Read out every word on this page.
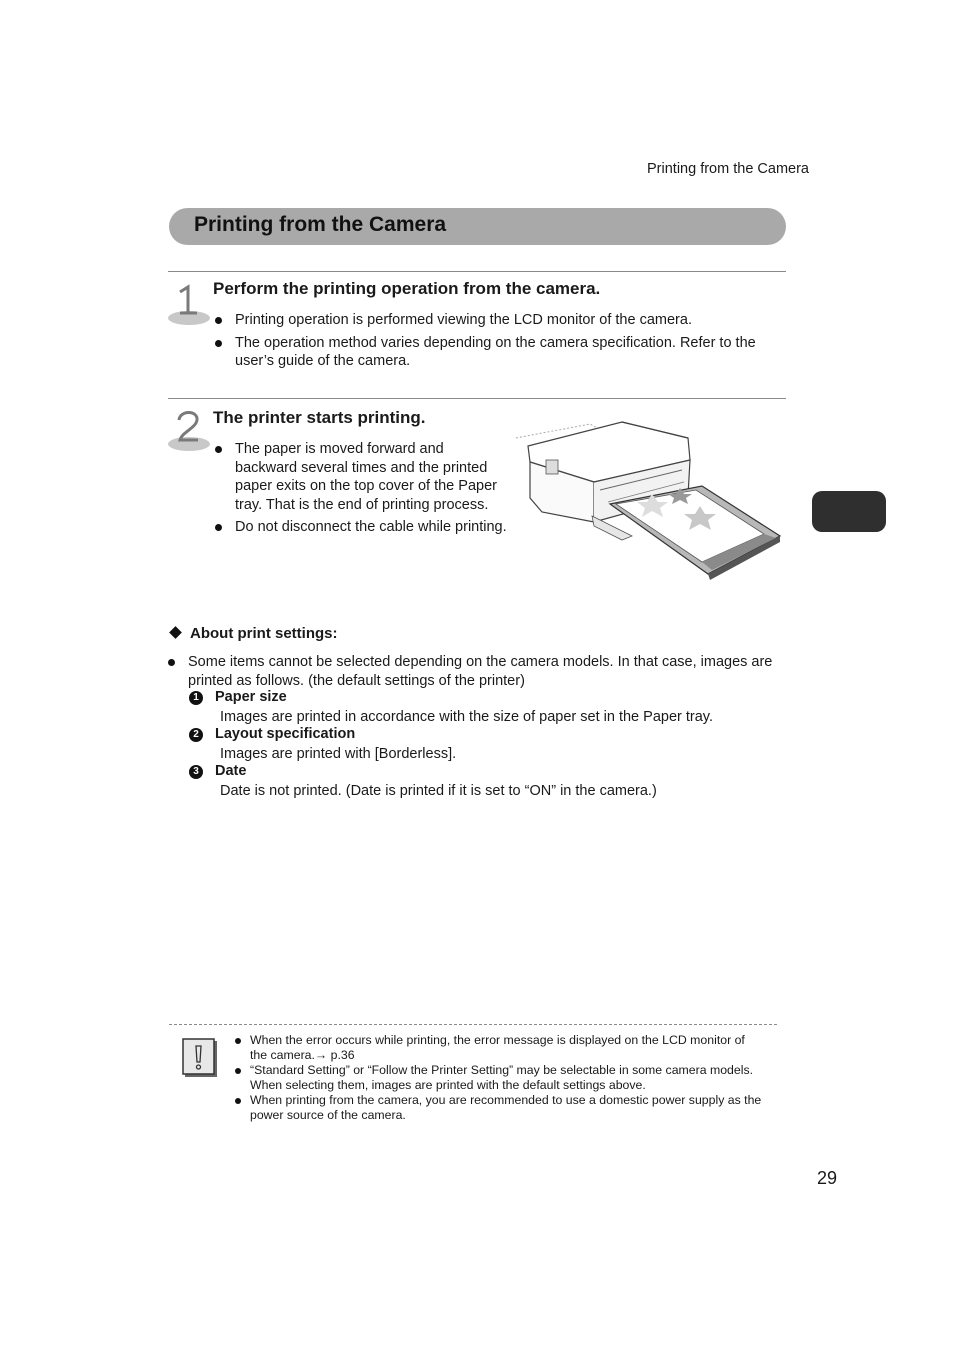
Printing from the Camera
Printing from the Camera
Perform the printing operation from the camera.
Printing operation is performed viewing the LCD monitor of the camera.
The operation method varies depending on the camera specification. Refer to the user’s guide of the camera.
The printer starts printing.
The paper is moved forward and backward several times and the printed paper exits on the top cover of the Paper tray. That is the end of printing process.
Do not disconnect the cable while printing.
About print settings:
Some items cannot be selected depending on the camera models. In that case, images are printed as follows. (the default settings of the printer)
1 Paper size
Images are printed in accordance with the size of paper set in the Paper tray.
2 Layout specification
Images are printed with [Borderless].
3 Date
Date is not printed. (Date is printed if it is set to “ON” in the camera.)
When the error occurs while printing, the error message is displayed on the LCD monitor of the camera.→ p.36
“Standard Setting” or “Follow the Printer Setting” may be selectable in some camera models. When selecting them, images are printed with the default settings above.
When printing from the camera, you are recommended to use a domestic power supply as the power source of the camera.
29
